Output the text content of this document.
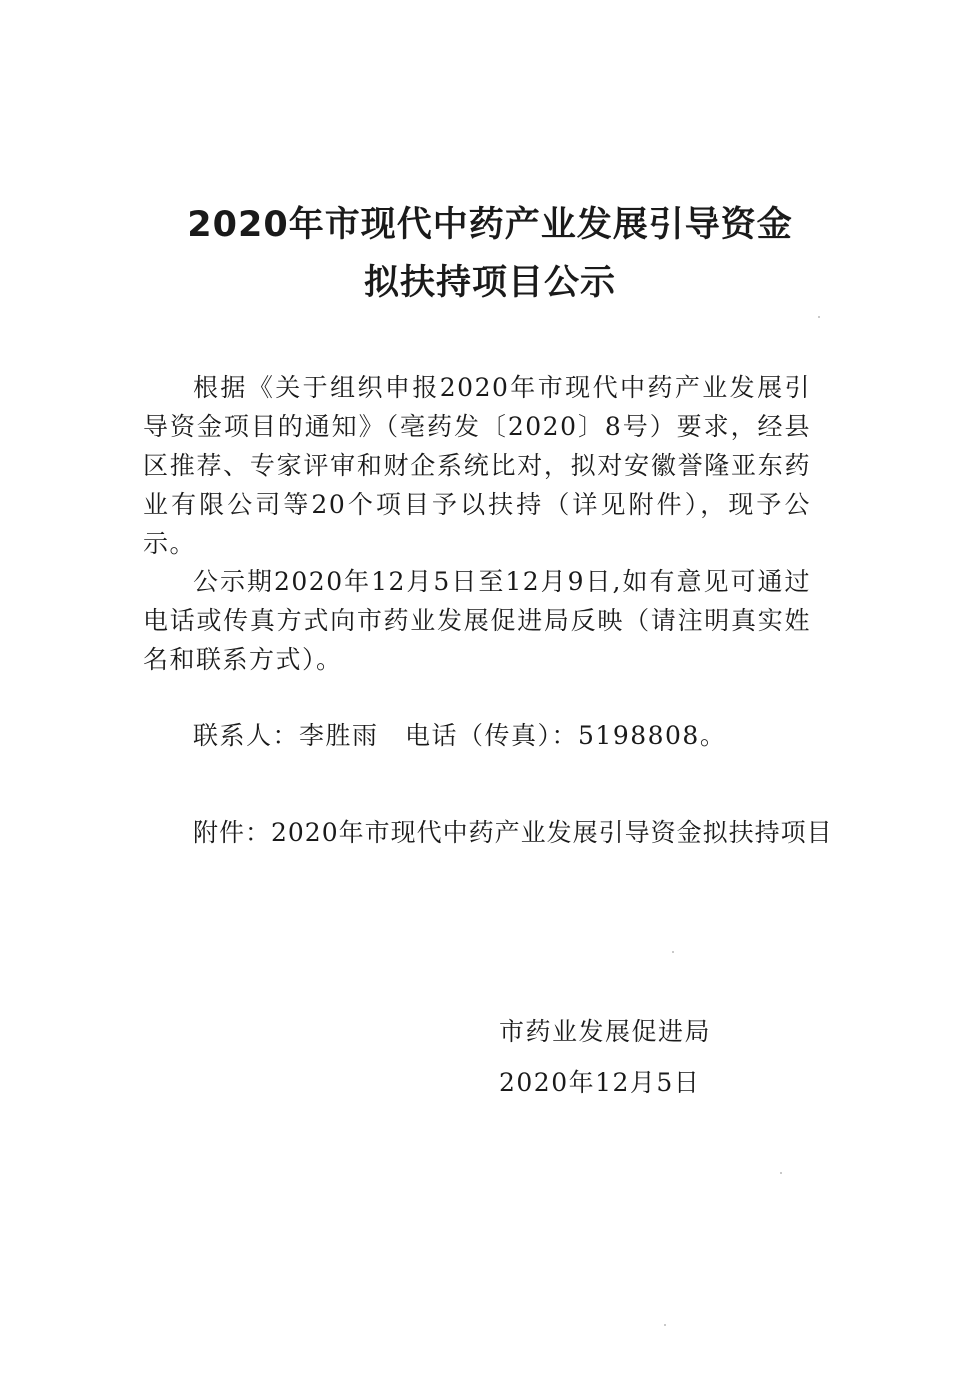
2020年市现代中药产业发展引导资金
拟扶持项目公示

根据《关于组织申报2020年市现代中药产业发展引导资金项目的通知》（亳药发〔2020〕8号）要求，经县区推荐、专家评审和财企系统比对，拟对安徽誉隆亚东药业有限公司等20个项目予以扶持（详见附件），现予公示。

公示期2020年12月5日至12月9日,如有意见可通过电话或传真方式向市药业发展促进局反映（请注明真实姓名和联系方式）。

联系人：李胜雨　电话（传真）：5198808。

附件：2020年市现代中药产业发展引导资金拟扶持项目

市药业发展促进局

2020年12月5日
